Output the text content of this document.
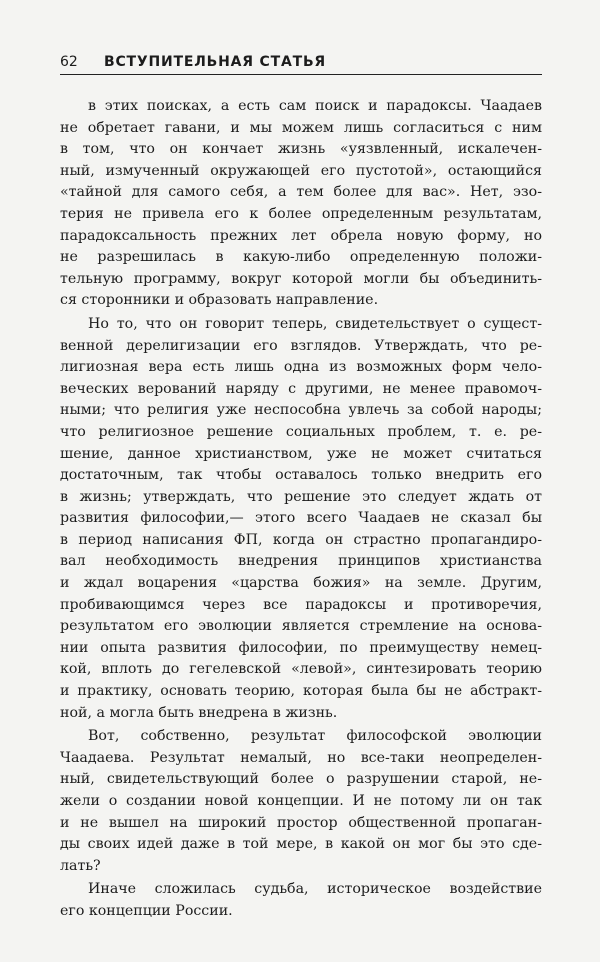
62 ВСТУПИТЕЛЬНАЯ СТАТЬЯ
в этих поисках, а есть сам поиск и парадоксы. Чаадаев
не обретает гавани, и мы можем лишь согласиться с ним
в том, что он кончает жизнь «уязвленный, искалечен-
ный, измученный окружающей его пустотой», остающийся
«тайной для самого себя, а тем более для вас». Нет, эзо-
терия не привела его к более определенным результатам,
парадоксальность прежних лет обрела новую форму, но
не разрешилась в какую-либо определенную положи-
тельную программу, вокруг которой могли бы объединить-
ся сторонники и образовать направление.
Но то, что он говорит теперь, свидетельствует о сущест-
венной дерелигизации его взглядов. Утверждать, что ре-
лигиозная вера есть лишь одна из возможных форм чело-
веческих верований наряду с другими, не менее правомоч-
ными; что религия уже неспособна увлечь за собой народы;
что религиозное решение социальных проблем, т. е. ре-
шение, данное христианством, уже не может считаться
достаточным, так чтобы оставалось только внедрить его
в жизнь; утверждать, что решение это следует ждать от
развития философии,— этого всего Чаадаев не сказал бы
в период написания ФП, когда он страстно пропагандиро-
вал необходимость внедрения принципов христианства
и ждал воцарения «царства божия» на земле. Другим,
пробивающимся через все парадоксы и противоречия,
результатом его эволюции является стремление на основа-
нии опыта развития философии, по преимуществу немец-
кой, вплоть до гегелевской «левой», синтезировать теорию
и практику, основать теорию, которая была бы не абстракт-
ной, а могла быть внедрена в жизнь.
Вот, собственно, результат философской эволюции
Чаадаева. Результат немалый, но все-таки неопределен-
ный, свидетельствующий более о разрушении старой, не-
жели о создании новой концепции. И не потому ли он так
и не вышел на широкий простор общественной пропаган-
ды своих идей даже в той мере, в какой он мог бы это сде-
лать?
Иначе сложилась судьба, историческое воздействие
его концепции России.
